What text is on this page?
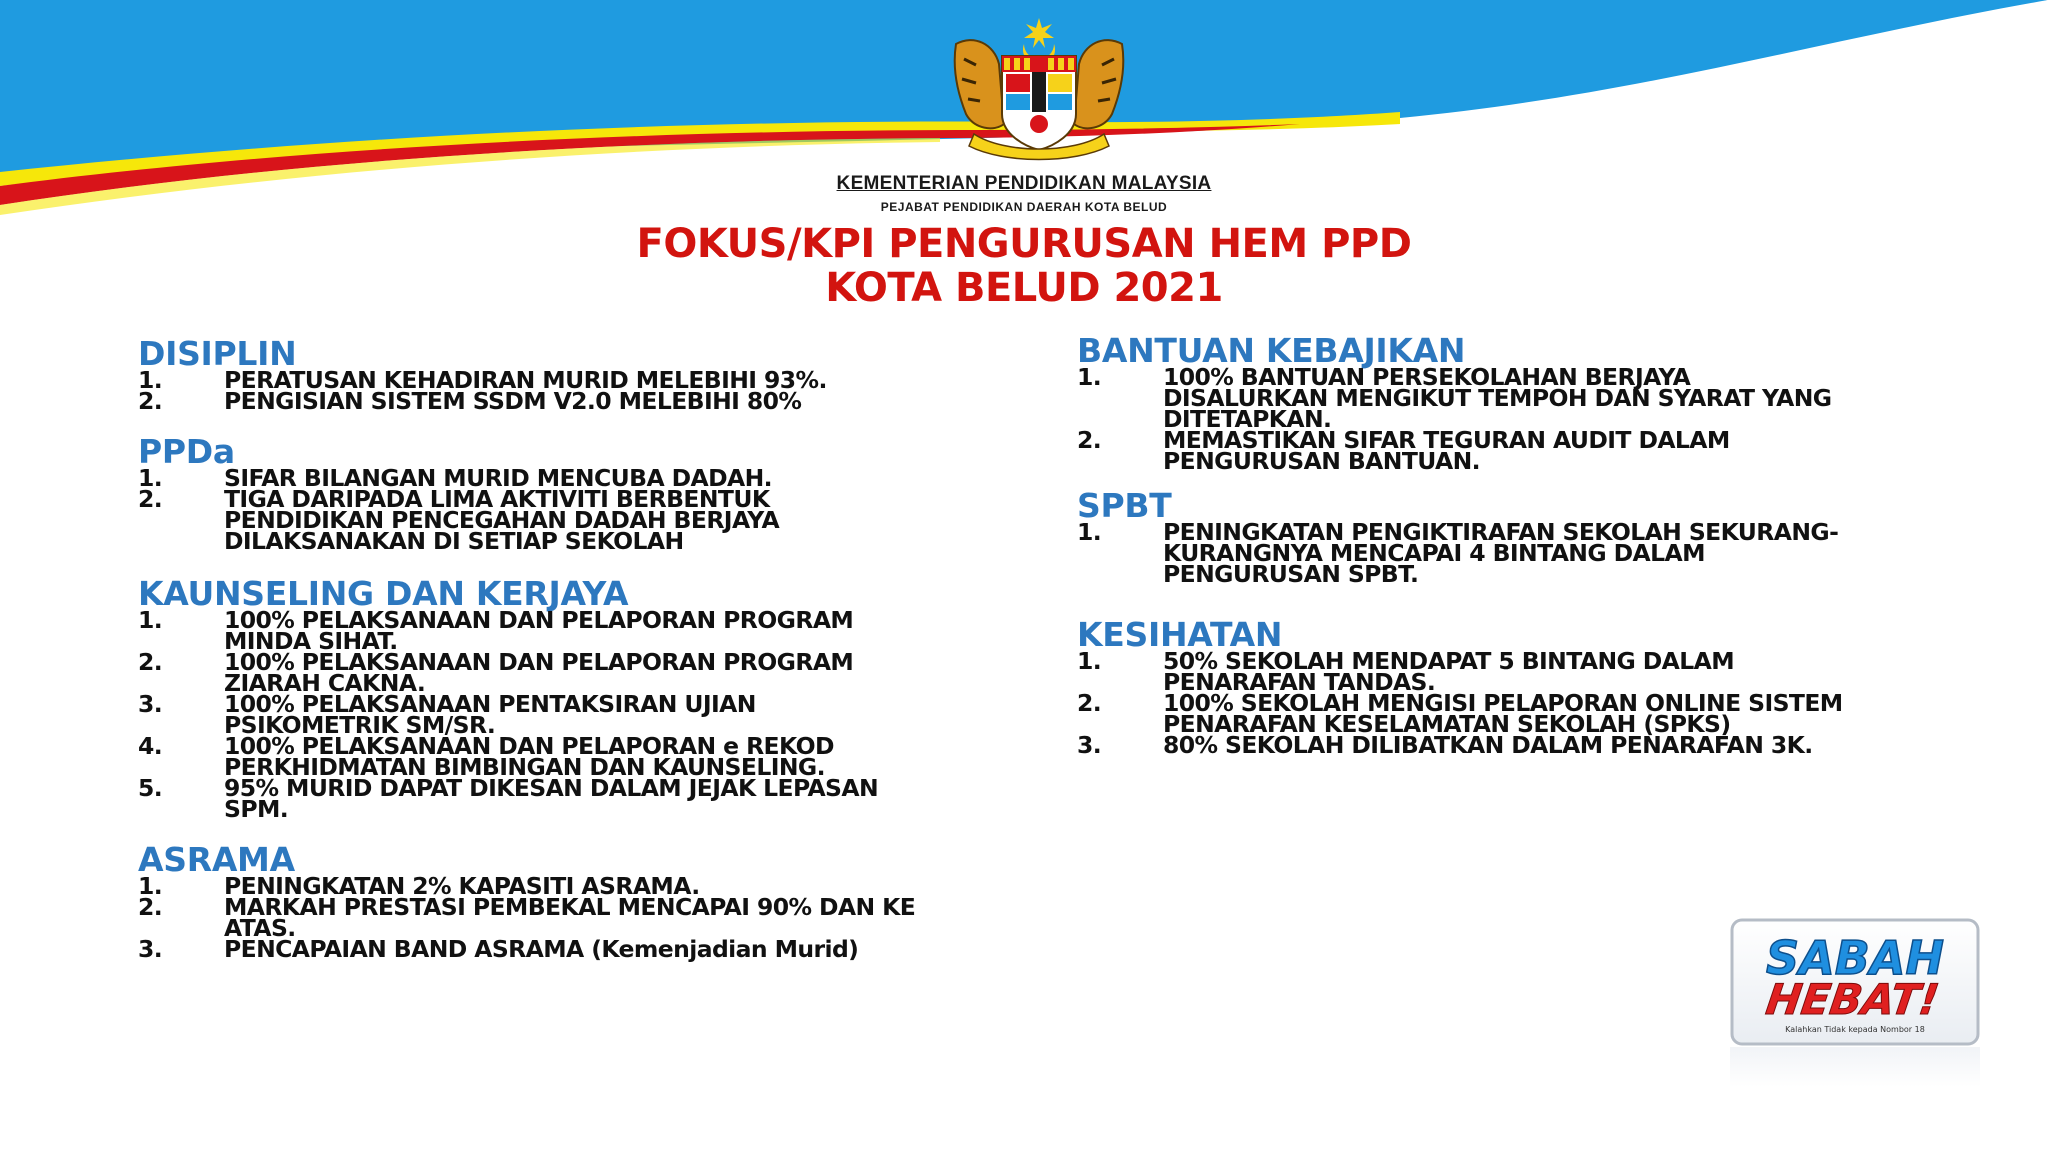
KEMENTERIAN PENDIDIKAN MALAYSIA
PEJABAT PENDIDIKAN DAERAH KOTA BELUD
FOKUS/KPI PENGURUSAN HEM PPD
KOTA BELUD 2021
DISIPLIN
1.	PERATUSAN KEHADIRAN MURID MELEBIHI 93%.
2.	PENGISIAN SISTEM SSDM V2.0 MELEBIHI 80%
PPDa
1.	SIFAR BILANGAN MURID MENCUBA DADAH.
2.	TIGA DARIPADA LIMA AKTIVITI BERBENTUK
PENDIDIKAN PENCEGAHAN DADAH BERJAYA
DILAKSANAKAN DI SETIAP SEKOLAH
KAUNSELING DAN KERJAYA
1.	100% PELAKSANAAN DAN PELAPORAN PROGRAM
MINDA SIHAT.
2.	100% PELAKSANAAN DAN PELAPORAN PROGRAM
ZIARAH CAKNA.
3.	100% PELAKSANAAN PENTAKSIRAN UJIAN
PSIKOMETRIK SM/SR.
4.	100% PELAKSANAAN DAN PELAPORAN e REKOD
PERKHIDMATAN BIMBINGAN DAN KAUNSELING.
5.	95% MURID DAPAT DIKESAN DALAM JEJAK LEPASAN
SPM.
ASRAMA
1.	PENINGKATAN 2% KAPASITI ASRAMA.
2.	MARKAH PRESTASI PEMBEKAL MENCAPAI 90% DAN KE
ATAS.
3.	PENCAPAIAN BAND ASRAMA (Kemenjadian Murid)
BANTUAN KEBAJIKAN
1.	100% BANTUAN PERSEKOLAHAN BERJAYA
DISALURKAN MENGIKUT TEMPOH DAN SYARAT YANG
DITETAPKAN.
2.	MEMASTIKAN SIFAR TEGURAN AUDIT DALAM
PENGURUSAN BANTUAN.
SPBT
1.	PENINGKATAN PENGIKTIRAFAN SEKOLAH SEKURANG-
KURANGNYA MENCAPAI 4 BINTANG DALAM
PENGURUSAN SPBT.
KESIHATAN
1.	50% SEKOLAH MENDAPAT 5 BINTANG DALAM
PENARAFAN TANDAS.
2.	100% SEKOLAH MENGISI PELAPORAN ONLINE SISTEM
PENARAFAN KESELAMATAN SEKOLAH (SPKS)
3.	80% SEKOLAH DILIBATKAN DALAM PENARAFAN 3K.
SABAH
HEBAT!
Kalahkan Tidak kepada Nombor 18
